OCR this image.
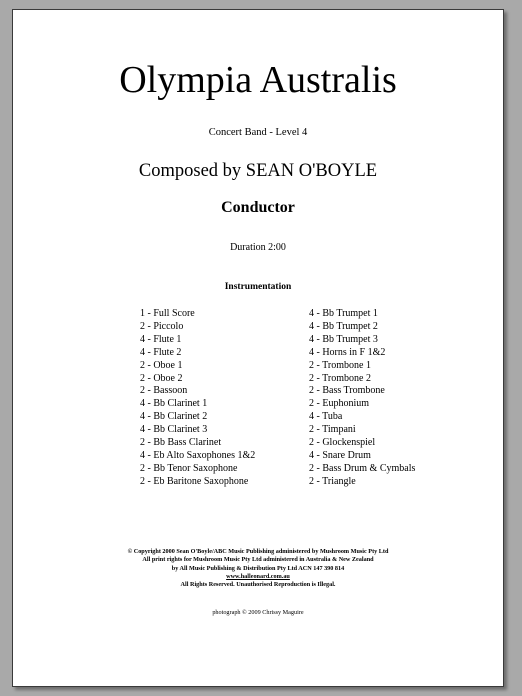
Olympia Australis
Concert Band - Level 4
Composed by SEAN O'BOYLE
Conductor
Duration 2:00
Instrumentation
1 - Full Score
2 - Piccolo
4 - Flute 1
4 - Flute 2
2 - Oboe 1
2 - Oboe 2
2 - Bassoon
4 - Bb Clarinet 1
4 - Bb Clarinet 2
4 - Bb Clarinet 3
2 - Bb Bass Clarinet
4 - Eb Alto Saxophones 1&2
2 - Bb Tenor Saxophone
2 - Eb Baritone Saxophone
4 - Bb Trumpet 1
4 - Bb Trumpet 2
4 - Bb Trumpet 3
4 - Horns in F 1&2
2 - Trombone 1
2 - Trombone 2
2 - Bass Trombone
2 - Euphonium
4 - Tuba
2 - Timpani
2 - Glockenspiel
4 - Snare Drum
2 - Bass Drum & Cymbals
2 - Triangle
© Copyright 2000 Sean O'Boyle/ABC Music Publishing administered by Mushroom Music Pty Ltd
All print rights for Mushroom Music Pty Ltd administered in Australia & New Zealand
by All Music Publishing & Distribution Pty Ltd ACN 147 390 814
www.halleonard.com.au
All Rights Reserved. Unauthorised Reproduction is Illegal.
photograph © 2009 Chrissy Maguire
